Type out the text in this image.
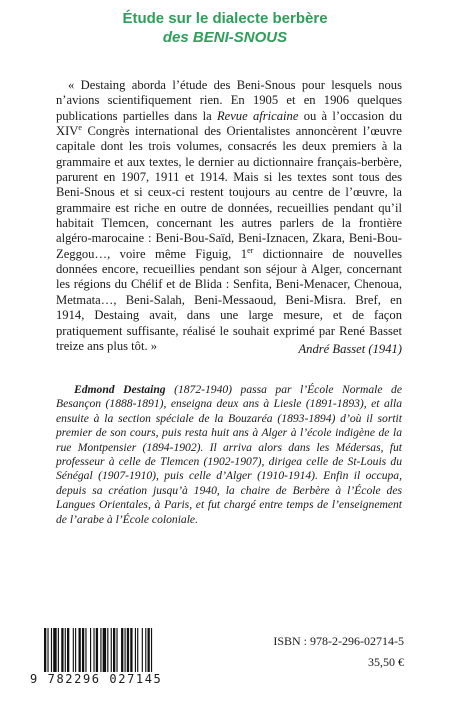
Étude sur le dialecte berbère
des BENI-SNOUS

« Destaing aborda l’étude des Beni-Snous pour lesquels nous n’avions scientifiquement rien. En 1905 et en 1906 quelques publications partielles dans la Revue africaine ou à l’occasion du XIVe Congrès international des Orientalistes annoncèrent l’œuvre capitale dont les trois volumes, consacrés les deux premiers à la grammaire et aux textes, le dernier au dictionnaire français-berbère, parurent en 1907, 1911 et 1914. Mais si les textes sont tous des Beni-Snous et si ceux-ci restent toujours au centre de l’œuvre, la grammaire est riche en outre de données, recueillies pendant qu’il habitait Tlemcen, concernant les autres parlers de la frontière algéro-marocaine : Beni-Bou-Saïd, Beni-Iznacen, Zkara, Beni-Bou-Zeggou…, voire même Figuig, 1er dictionnaire de nouvelles données encore, recueillies pendant son séjour à Alger, concernant les régions du Chélif et de Blida : Senfita, Beni-Menacer, Chenoua, Metmata…, Beni-Salah, Beni-Messaoud, Beni-Misra. Bref, en 1914, Destaing avait, dans une large mesure, et de façon pratiquement suffisante, réalisé le souhait exprimé par René Basset treize ans plus tôt. »	André Basset (1941)

Edmond Destaing (1872-1940) passa par l’École Normale de Besançon (1888-1891), enseigna deux ans à Liesle (1891-1893), et alla ensuite à la section spéciale de la Bouzaréa (1893-1894) d’où il sortit premier de son cours, puis resta huit ans à Alger à l’école indigène de la rue Montpensier (1894-1902). Il arriva alors dans les Médersas, fut professeur à celle de Tlemcen (1902-1907), dirigea celle de St-Louis du Sénégal (1907-1910), puis celle d’Alger (1910-1914). Enfin il occupa, depuis sa création jusqu’à 1940, la chaire de Berbère à l’École des Langues Orientales, à Paris, et fut chargé entre temps de l’enseignement de l’arabe à l’École coloniale.

9 782296 027145
ISBN : 978-2-296-02714-5
35,50 €
